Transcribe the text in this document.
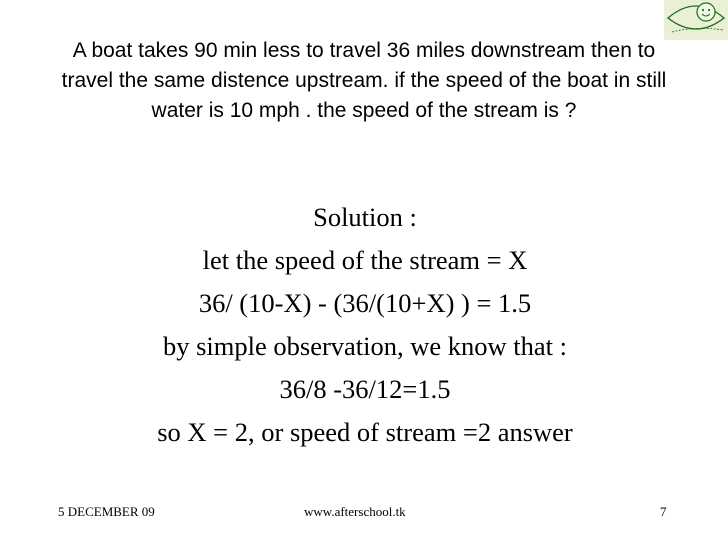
A boat takes 90 min less to travel 36 miles downstream then to travel the same distence upstream. if the speed of the boat in still water is 10 mph . the speed of the stream is ?
Solution :
let the speed of the stream = X
36/ (10-X) - (36/(10+X) ) = 1.5
by simple observation, we know that :
36/8 -36/12=1.5
so X = 2, or speed of stream =2 answer
5 DECEMBER 09	www.afterschool.tk	7
